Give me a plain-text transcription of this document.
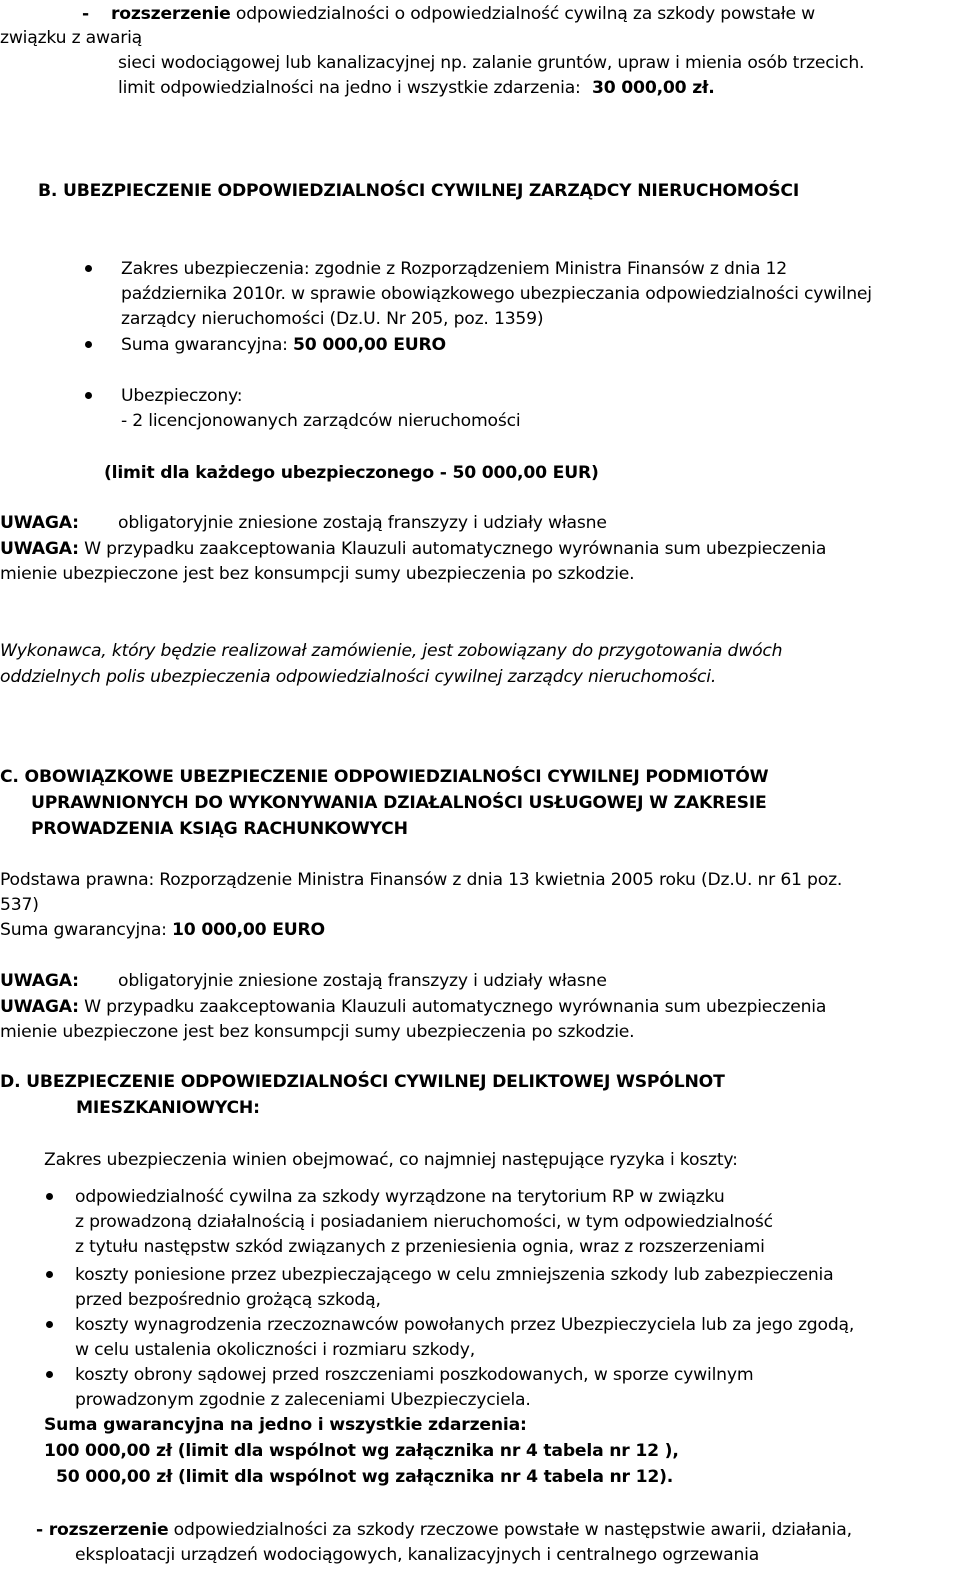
- rozszerzenie odpowiedzialności o odpowiedzialność cywilną za szkody powstałe w
związku z awarią
sieci wodociągowej lub kanalizacyjnej np. zalanie gruntów, upraw i mienia osób trzecich.
limit odpowiedzialności na jedno i wszystkie zdarzenia: 30 000,00 zł.
B. UBEZPIECZENIE ODPOWIEDZIALNOŚCI CYWILNEJ ZARZĄDCY NIERUCHOMOŚCI
Zakres ubezpieczenia: zgodnie z Rozporządzeniem Ministra Finansów z dnia 12
października 2010r. w sprawie obowiązkowego ubezpieczania odpowiedzialności cywilnej
zarządcy nieruchomości (Dz.U. Nr 205, poz. 1359)
Suma gwarancyjna: 50 000,00 EURO
Ubezpieczony:
- 2 licencjonowanych zarządców nieruchomości
(limit dla każdego ubezpieczonego - 50 000,00 EUR)
UWAGA: obligatoryjnie zniesione zostają franszyzy i udziały własne
UWAGA: W przypadku zaakceptowania Klauzuli automatycznego wyrównania sum ubezpieczenia
mienie ubezpieczone jest bez konsumpcji sumy ubezpieczenia po szkodzie.
Wykonawca, który będzie realizował zamówienie, jest zobowiązany do przygotowania dwóch
oddzielnych polis ubezpieczenia odpowiedzialności cywilnej zarządcy nieruchomości.
C. OBOWIĄZKOWE UBEZPIECZENIE ODPOWIEDZIALNOŚCI CYWILNEJ PODMIOTÓW
UPRAWNIONYCH DO WYKONYWANIA DZIAŁALNOŚCI USŁUGOWEJ W ZAKRESIE
PROWADZENIA KSIĄG RACHUNKOWYCH
Podstawa prawna: Rozporządzenie Ministra Finansów z dnia 13 kwietnia 2005 roku (Dz.U. nr 61 poz.
537)
Suma gwarancyjna: 10 000,00 EURO
UWAGA: obligatoryjnie zniesione zostają franszyzy i udziały własne
UWAGA: W przypadku zaakceptowania Klauzuli automatycznego wyrównania sum ubezpieczenia
mienie ubezpieczone jest bez konsumpcji sumy ubezpieczenia po szkodzie.
D. UBEZPIECZENIE ODPOWIEDZIALNOŚCI CYWILNEJ DELIKTOWEJ WSPÓLNOT
MIESZKANIOWYCH:
Zakres ubezpieczenia winien obejmować, co najmniej następujące ryzyka i koszty:
odpowiedzialność cywilna za szkody wyrządzone na terytorium RP w związku
z prowadzoną działalnością i posiadaniem nieruchomości, w tym odpowiedzialność
z tytułu następstw szkód związanych z przeniesienia ognia, wraz z rozszerzeniami
koszty poniesione przez ubezpieczającego w celu zmniejszenia szkody lub zabezpieczenia
przed bezpośrednio grożącą szkodą,
koszty wynagrodzenia rzeczoznawców powołanych przez Ubezpieczyciela lub za jego zgodą,
w celu ustalenia okoliczności i rozmiaru szkody,
koszty obrony sądowej przed roszczeniami poszkodowanych, w sporze cywilnym
prowadzonym zgodnie z zaleceniami Ubezpieczyciela.
Suma gwarancyjna na jedno i wszystkie zdarzenia:
100 000,00 zł (limit dla wspólnot wg załącznika nr 4 tabela nr 12 ),
50 000,00 zł (limit dla wspólnot wg załącznika nr 4 tabela nr 12).
- rozszerzenie odpowiedzialności za szkody rzeczowe powstałe w następstwie awarii, działania,
eksploatacji urządzeń wodociągowych, kanalizacyjnych i centralnego ogrzewania
